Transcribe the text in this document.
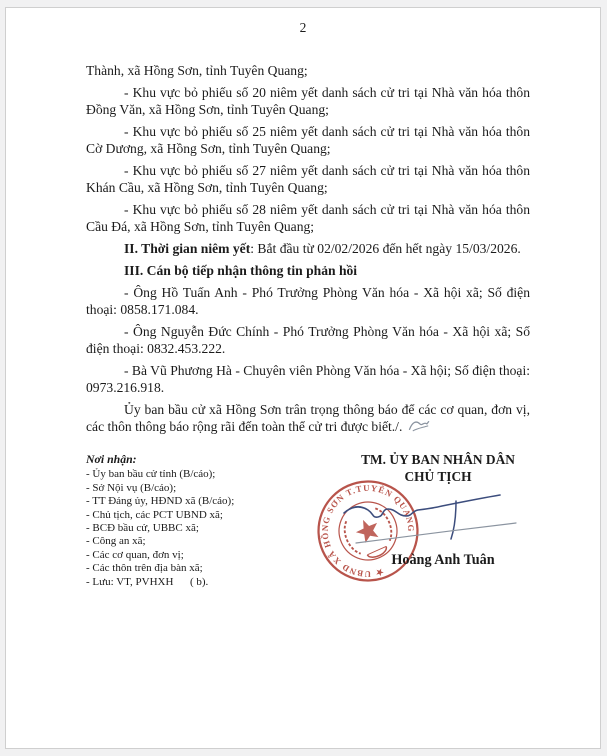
2

Thành, xã Hồng Sơn, tỉnh Tuyên Quang;

- Khu vực bỏ phiếu số 20 niêm yết danh sách cử tri tại Nhà văn hóa thôn Đồng Văn, xã Hồng Sơn, tỉnh Tuyên Quang;

- Khu vực bỏ phiếu số 25 niêm yết danh sách cử tri tại Nhà văn hóa thôn Cờ Dương, xã Hồng Sơn, tỉnh Tuyên Quang;

- Khu vực bỏ phiếu số 27 niêm yết danh sách cử tri tại Nhà văn hóa thôn Khán Cầu, xã Hồng Sơn, tỉnh Tuyên Quang;

- Khu vực bỏ phiếu số 28 niêm yết danh sách cử tri tại Nhà văn hóa thôn Cầu Đá, xã Hồng Sơn, tỉnh Tuyên Quang;

II. Thời gian niêm yết: Bắt đầu từ 02/02/2026 đến hết ngày 15/03/2026.

III. Cán bộ tiếp nhận thông tin phản hồi

- Ông Hồ Tuấn Anh - Phó Trưởng Phòng Văn hóa - Xã hội xã; Số điện thoại: 0858.171.084.

- Ông Nguyễn Đức Chính - Phó Trưởng Phòng Văn hóa - Xã hội xã; Số điện thoại: 0832.453.222.

- Bà Vũ Phương Hà - Chuyên viên Phòng Văn hóa - Xã hội; Số điện thoại: 0973.216.918.

Ủy ban bầu cử xã Hồng Sơn trân trọng thông báo để các cơ quan, đơn vị, các thôn thông báo rộng rãi đến toàn thể cử tri được biết./.

Nơi nhận:
- Ủy ban bầu cử tỉnh (B/cáo);
- Sở Nội vụ (B/cáo);
- TT Đảng ủy, HĐND xã (B/cáo);
- Chủ tịch, các PCT UBND xã;
- BCĐ bầu cử, UBBC xã;
- Công an xã;
- Các cơ quan, đơn vị;
- Các thôn trên địa bàn xã;
- Lưu: VT, PVHXH      ( b).
TM. ỦY BAN NHÂN DÂN
CHỦ TỊCH
★ UBND XÃ HỒNG SƠN T.TUYÊN QUANG
Hoàng Anh Tuân
